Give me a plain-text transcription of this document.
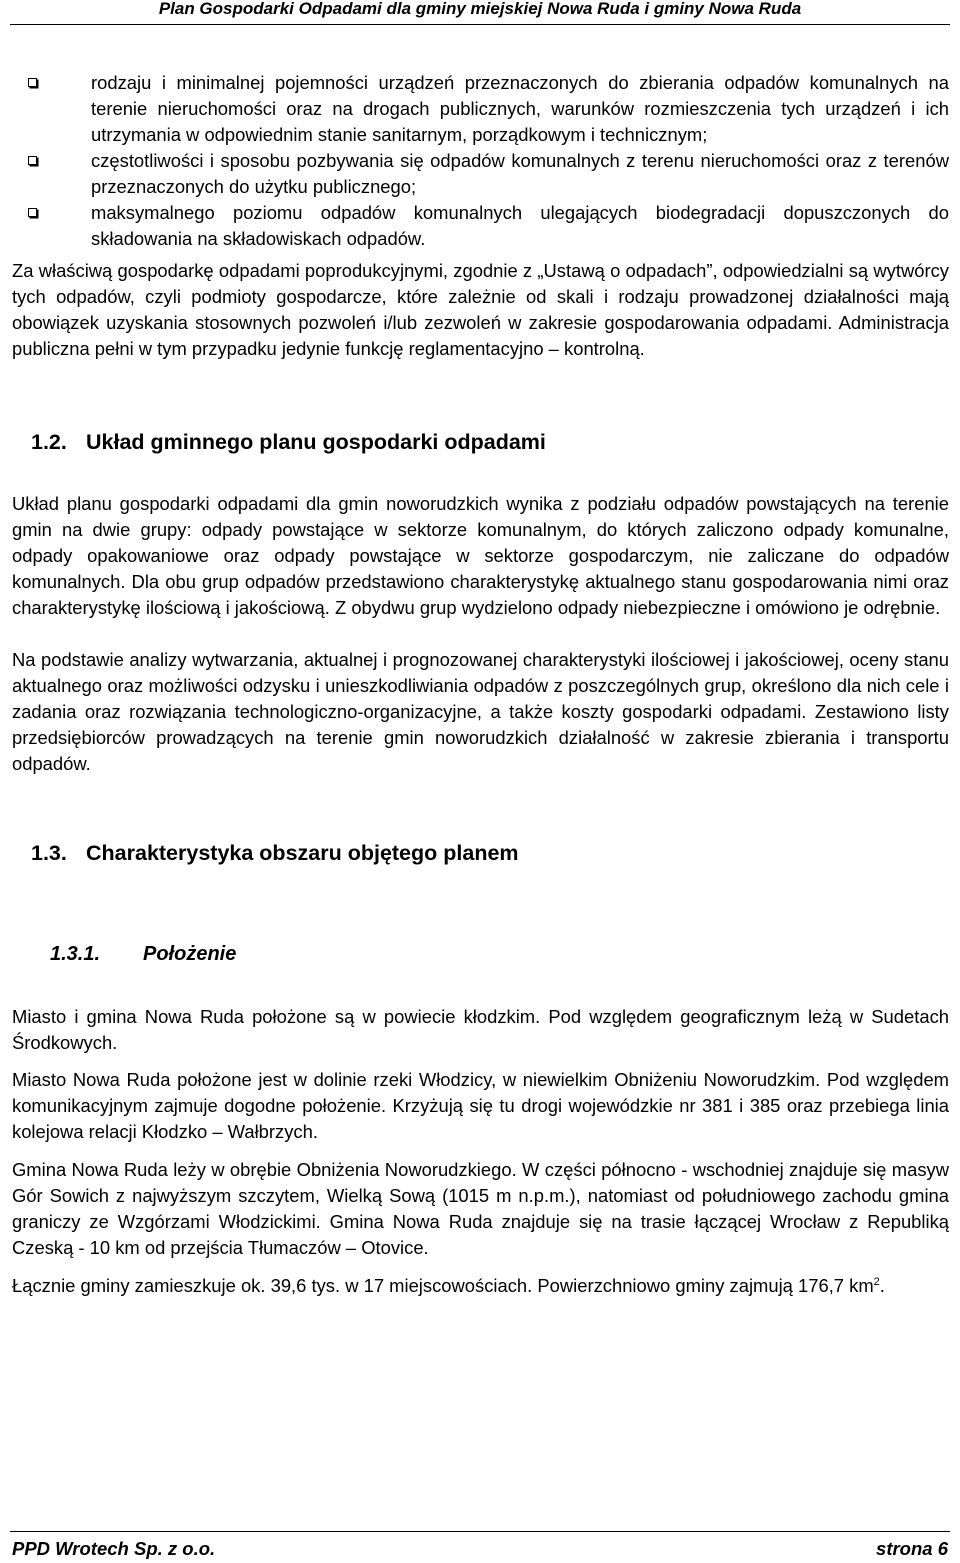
Plan Gospodarki Odpadami dla gminy miejskiej Nowa Ruda i gminy Nowa Ruda
rodzaju i minimalnej pojemności urządzeń przeznaczonych do zbierania odpadów komunalnych na terenie nieruchomości oraz na drogach publicznych, warunków rozmieszczenia tych urządzeń i ich utrzymania w odpowiednim stanie sanitarnym, porządkowym i technicznym;
częstotliwości i sposobu pozbywania się odpadów komunalnych z terenu nieruchomości oraz z terenów przeznaczonych do użytku publicznego;
maksymalnego poziomu odpadów komunalnych ulegających biodegradacji dopuszczonych do składowania na składowiskach odpadów.

Za właściwą gospodarkę odpadami poprodukcyjnymi, zgodnie z „Ustawą o odpadach”, odpowiedzialni są wytwórcy tych odpadów, czyli podmioty gospodarcze, które zależnie od skali i rodzaju prowadzonej działalności mają obowiązek uzyskania stosownych pozwoleń i/lub zezwoleń w zakresie gospodarowania odpadami. Administracja publiczna pełni w tym przypadku jedynie funkcję reglamentacyjno – kontrolną.

1.2. Układ gminnego planu gospodarki odpadami

Układ planu gospodarki odpadami dla gmin noworudzkich wynika z podziału odpadów powstających na terenie gmin na dwie grupy: odpady powstające w sektorze komunalnym, do których zaliczono odpady komunalne, odpady opakowaniowe oraz odpady powstające w sektorze gospodarczym, nie zaliczane do odpadów komunalnych. Dla obu grup odpadów przedstawiono charakterystykę aktualnego stanu gospodarowania nimi oraz charakterystykę ilościową i jakościową. Z obydwu grup wydzielono odpady niebezpieczne i omówiono je odrębnie.

Na podstawie analizy wytwarzania, aktualnej i prognozowanej charakterystyki ilościowej i jakościowej, oceny stanu aktualnego oraz możliwości odzysku i unieszkodliwiania odpadów z poszczególnych grup, określono dla nich cele i zadania oraz rozwiązania technologiczno-organizacyjne, a także koszty gospodarki odpadami. Zestawiono listy przedsiębiorców prowadzących na terenie gmin noworudzkich działalność w zakresie zbierania i transportu odpadów.

1.3. Charakterystyka obszaru objętego planem
1.3.1. Położenie

Miasto i gmina Nowa Ruda położone są w powiecie kłodzkim. Pod względem geograficznym leżą w Sudetach Środkowych.

Miasto Nowa Ruda położone jest w dolinie rzeki Włodzicy, w niewielkim Obniżeniu Noworudzkim. Pod względem komunikacyjnym zajmuje dogodne położenie. Krzyżują się tu drogi wojewódzkie nr 381 i 385 oraz przebiega linia kolejowa relacji Kłodzko – Wałbrzych.

Gmina Nowa Ruda leży w obrębie Obniżenia Noworudzkiego. W części północno - wschodniej znajduje się masyw Gór Sowich z najwyższym szczytem, Wielką Sową (1015 m n.p.m.), natomiast od południowego zachodu gmina graniczy ze Wzgórzami Włodzickimi. Gmina Nowa Ruda znajduje się na trasie łączącej Wrocław z Republiką Czeską - 10 km od przejścia Tłumaczów – Otovice.

Łącznie gminy zamieszkuje ok. 39,6 tys. w 17 miejscowościach. Powierzchniowo gminy zajmują 176,7 $km^2$.

PPD Wrotech Sp. z o.o.	strona 6
